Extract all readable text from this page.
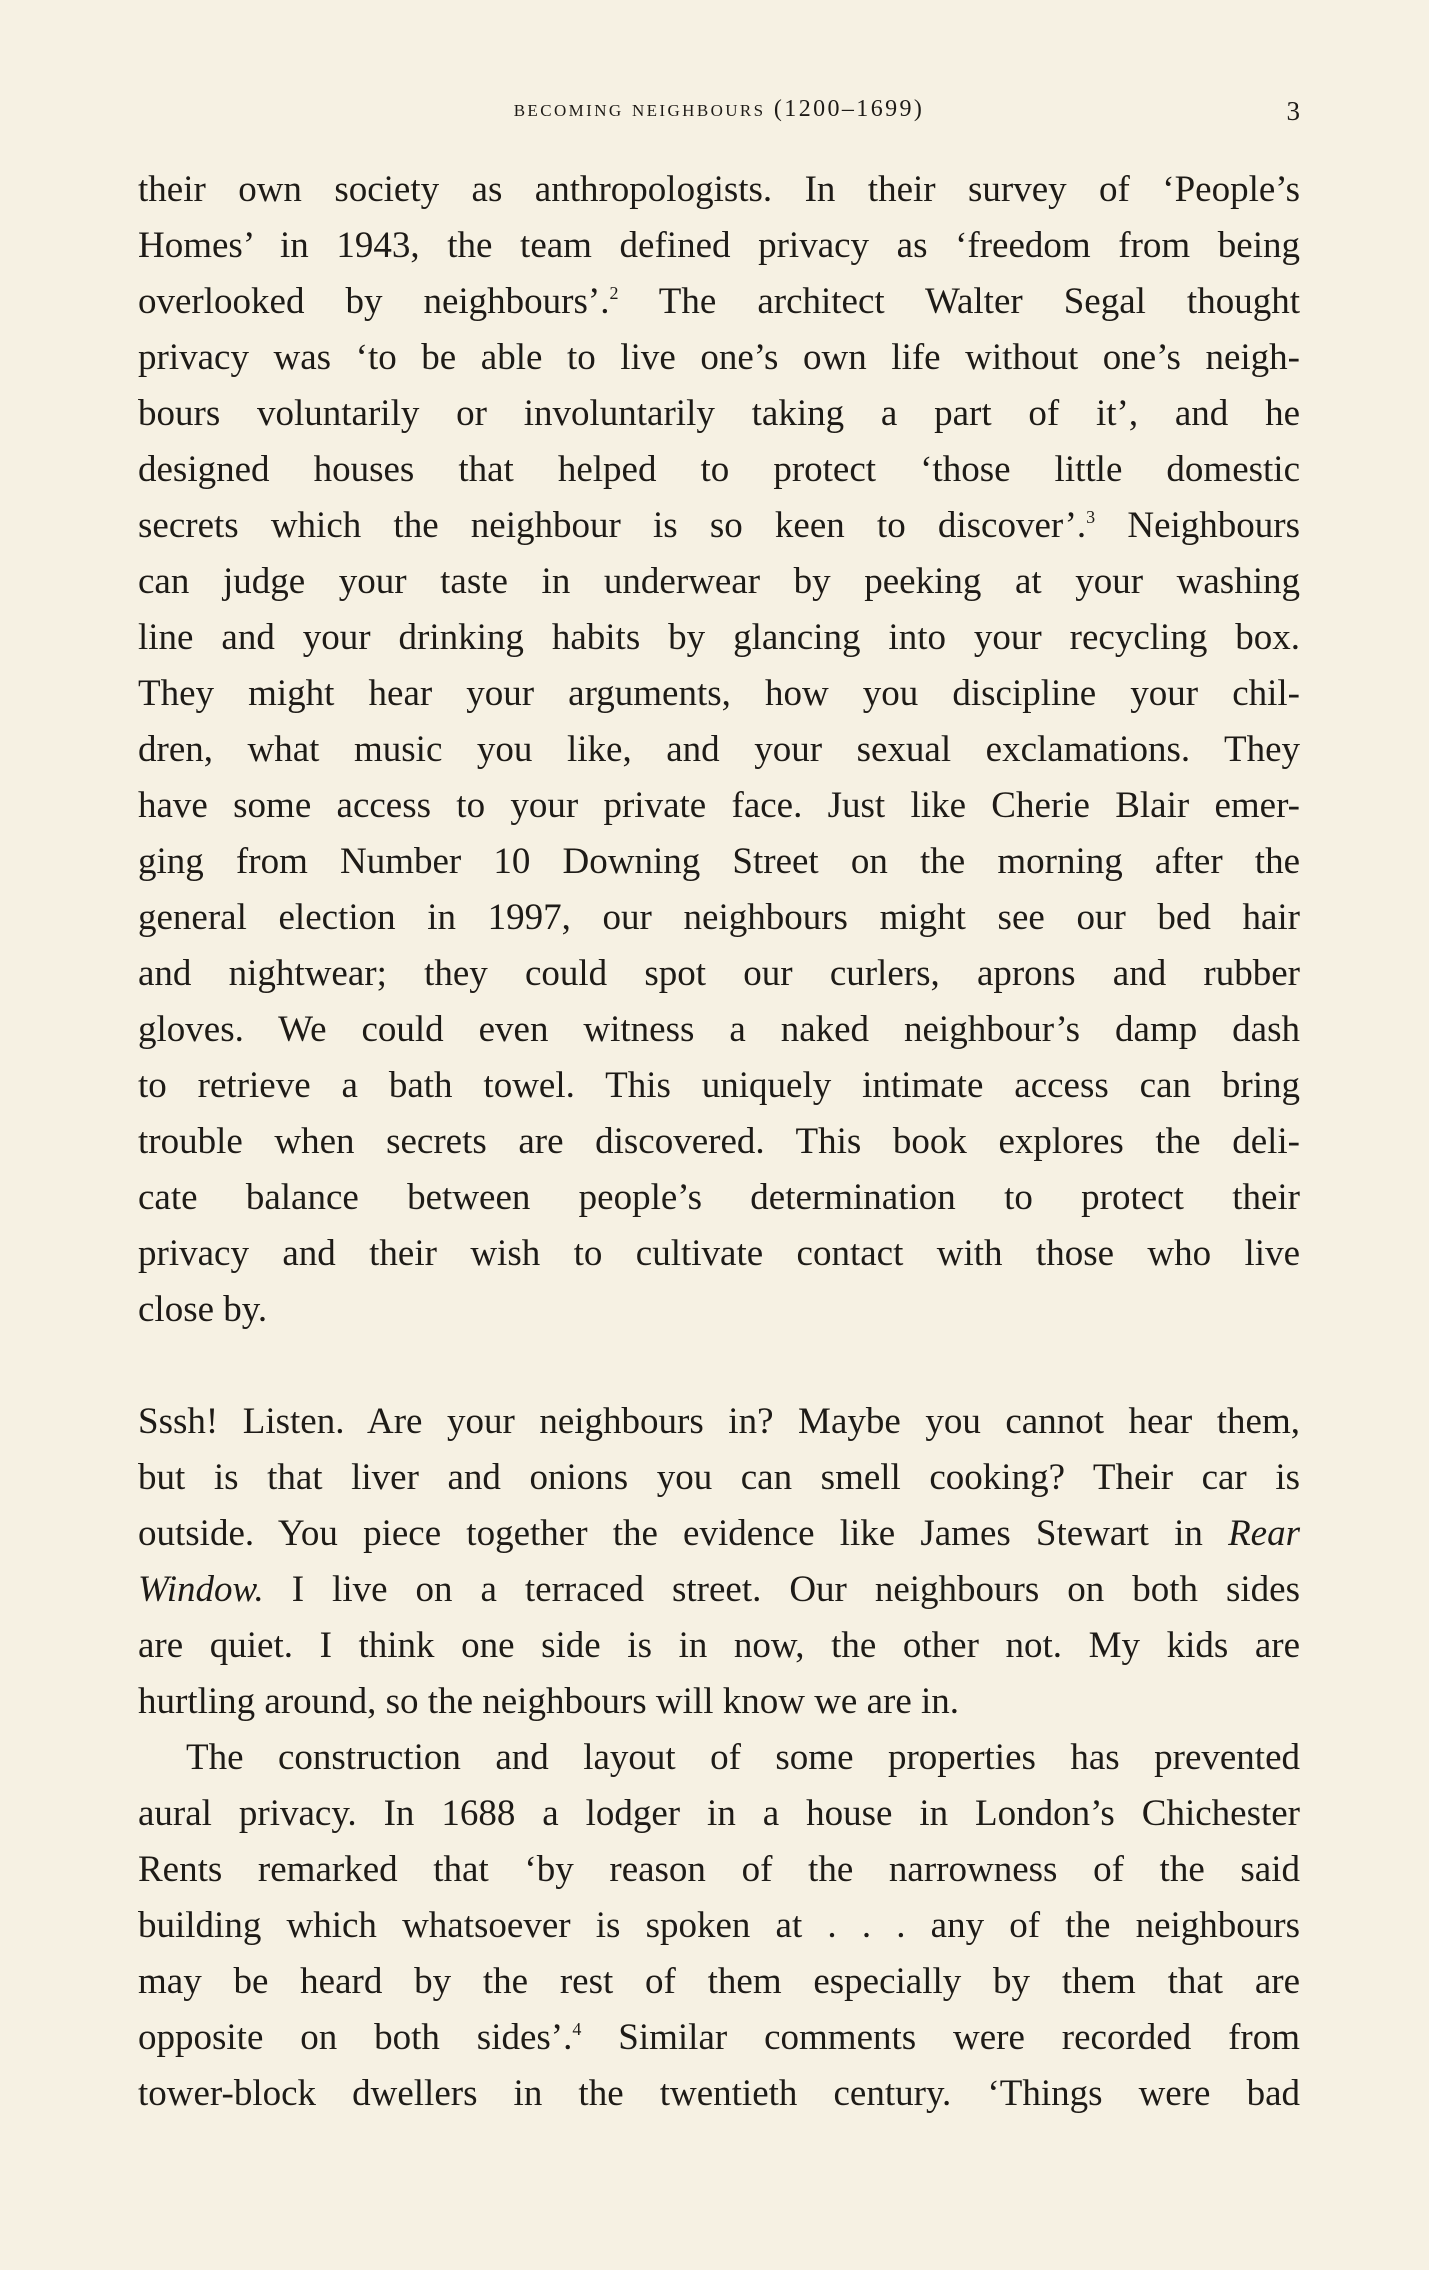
becoming neighbours (1200–1699)	3
their own society as anthropologists. In their survey of ‘People’s
Homes’ in 1943, the team defined privacy as ‘freedom from being
overlooked by neighbours’.$^2$ The architect Walter Segal thought
privacy was ‘to be able to live one’s own life without one’s neigh-
bours voluntarily or involuntarily taking a part of it’, and he
designed houses that helped to protect ‘those little domestic
secrets which the neighbour is so keen to discover’.$^3$ Neighbours
can judge your taste in underwear by peeking at your washing
line and your drinking habits by glancing into your recycling box.
They might hear your arguments, how you discipline your chil-
dren, what music you like, and your sexual exclamations. They
have some access to your private face. Just like Cherie Blair emer-
ging from Number 10 Downing Street on the morning after the
general election in 1997, our neighbours might see our bed hair
and nightwear; they could spot our curlers, aprons and rubber
gloves. We could even witness a naked neighbour’s damp dash
to retrieve a bath towel. This uniquely intimate access can bring
trouble when secrets are discovered. This book explores the deli-
cate balance between people’s determination to protect their
privacy and their wish to cultivate contact with those who live
close by.
Sssh! Listen. Are your neighbours in? Maybe you cannot hear them,
but is that liver and onions you can smell cooking? Their car is
outside. You piece together the evidence like James Stewart in Rear
Window. I live on a terraced street. Our neighbours on both sides
are quiet. I think one side is in now, the other not. My kids are
hurtling around, so the neighbours will know we are in.
The construction and layout of some properties has prevented
aural privacy. In 1688 a lodger in a house in London’s Chichester
Rents remarked that ‘by reason of the narrowness of the said
building which whatsoever is spoken at . . . any of the neighbours
may be heard by the rest of them especially by them that are
opposite on both sides’.$^4$ Similar comments were recorded from
tower-block dwellers in the twentieth century. ‘Things were bad
